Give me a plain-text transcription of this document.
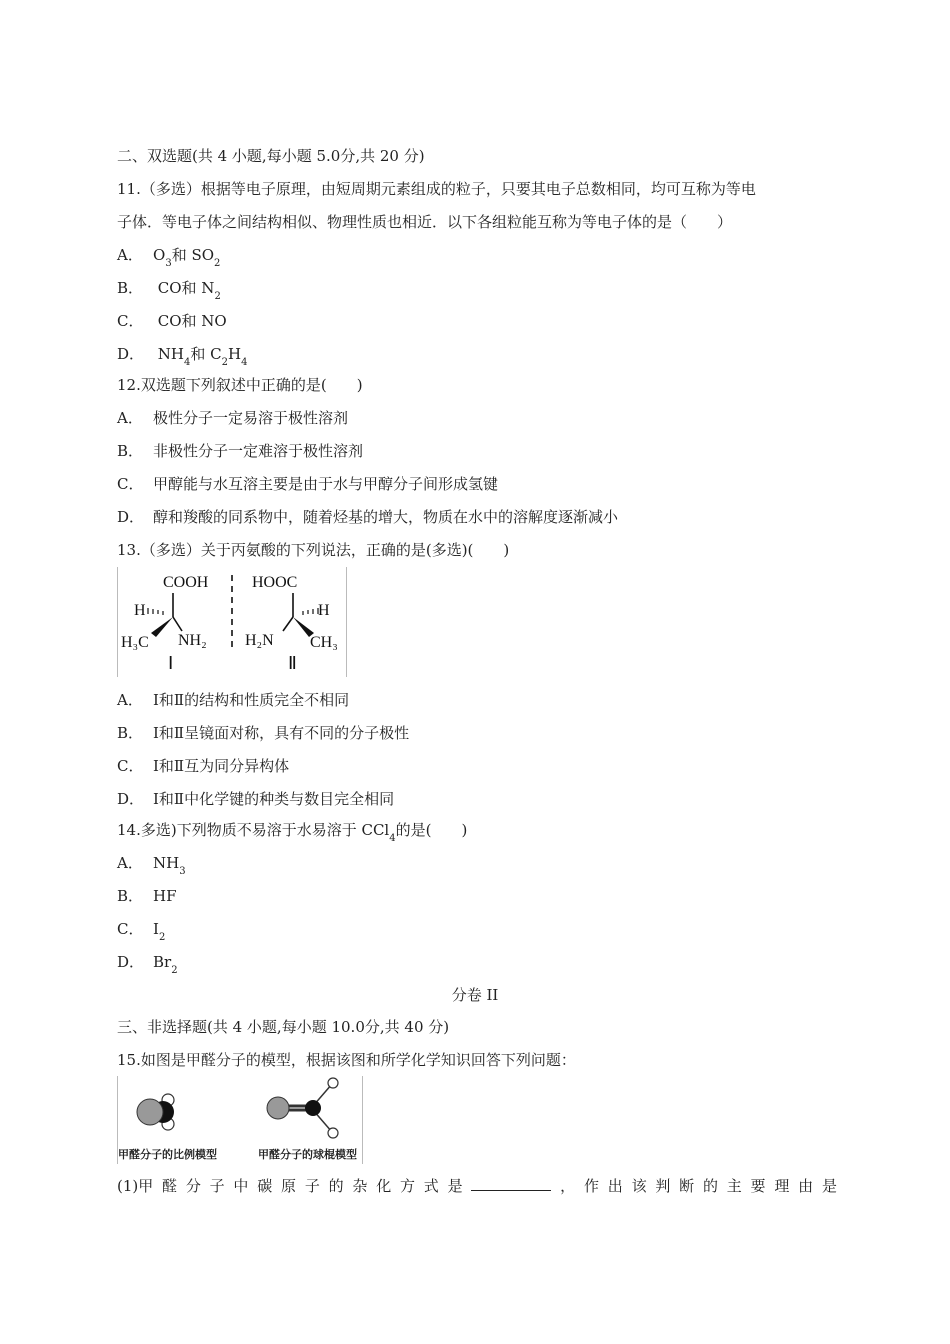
二、双选题(共 4 小题,每小题 5.0分,共 20 分)
11.（多选）根据等电子原理，由短周期元素组成的粒子，只要其电子总数相同，均可互称为等电
子体．等电子体之间结构相似、物理性质也相近．以下各组粒能互称为等电子体的是（　　）
A． $O_3$和 $SO_2$
B． CO和 $N_2$
C． CO和 NO
D． $NH_4$和 $C_2H_4$
12.双选题下列叙述中正确的是(　　)
A． 极性分子一定易溶于极性溶剂
B． 非极性分子一定难溶于极性溶剂
C． 甲醇能与水互溶主要是由于水与甲醇分子间形成氢键
D． 醇和羧酸的同系物中，随着烃基的增大，物质在水中的溶解度逐渐减小
13.（多选）关于丙氨酸的下列说法，正确的是(多选)(　　)
COOH
H
H₃C NH₂
Ⅰ
HOOC
H
H₂N CH₃
Ⅱ
A． Ⅰ和Ⅱ的结构和性质完全不相同
B． Ⅰ和Ⅱ呈镜面对称，具有不同的分子极性
C． Ⅰ和Ⅱ互为同分异构体
D． Ⅰ和Ⅱ中化学键的种类与数目完全相同
14.多选)下列物质不易溶于水易溶于 CCl$_4$的是(　　)
A． $NH_3$
B． HF
C． $I_2$
D． $Br_2$
分卷 II
三、非选择题(共 4 小题,每小题 10.0分,共 40 分)
15.如图是甲醛分子的模型，根据该图和所学化学知识回答下列问题：
甲醛分子的比例模型	甲醛分子的球棍模型
(1)甲 醛 分 子 中 碳 原 子 的 杂 化 方 式 是	， 作 出 该 判 断 的 主 要 理 由 是
